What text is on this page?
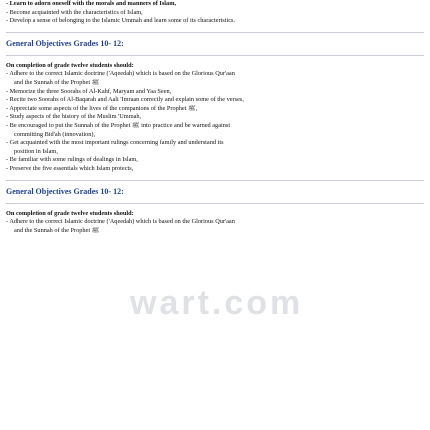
- Learn to adorn oneself with the morals and manners of Islam,
- Become acquainted with the characteristics of Islam,
- Develop a sense of belonging to the Islamic Ummah and learn some of its characteristics.
General Objectives Grades 10- 12:
On completion of grade twelve students should:
- Adhere to the correct Islamic doctrine ('Aqeedah) which is based on the Glorious Qur'aan
and the Sunnah of the Prophet ﷺ
- Memorize the three Soorahs of Al-Kahf, Maryam and Yaa Seen,
- Recite two Soorahs of Al-Baqarah and Aali 'Imraan correctly and explain some of the verses,
- Appreciate some aspects of the lives of the companions of the Prophet ﷺ,
- Study aspects of the history of the Muslim 'Ummah,
- Be encouraged to put the Sunnah of the Prophet ﷺ into practice and be warned against
committing Bid'ah (innovation),
- Get acquainted with the most important rulings concerning family and understand its
position in Islam,
- Be familiar with some rulings of dealings in Islam,
- Preserve the five essentials which Islam protects,
General Objectives Grades 10- 12:
On completion of grade twelve students should:
- Adhere to the correct Islamic doctrine ('Aqeedah) which is based on the Glorious Qur'aan
and the Sunnah of the Prophet ﷺ
wart.com
